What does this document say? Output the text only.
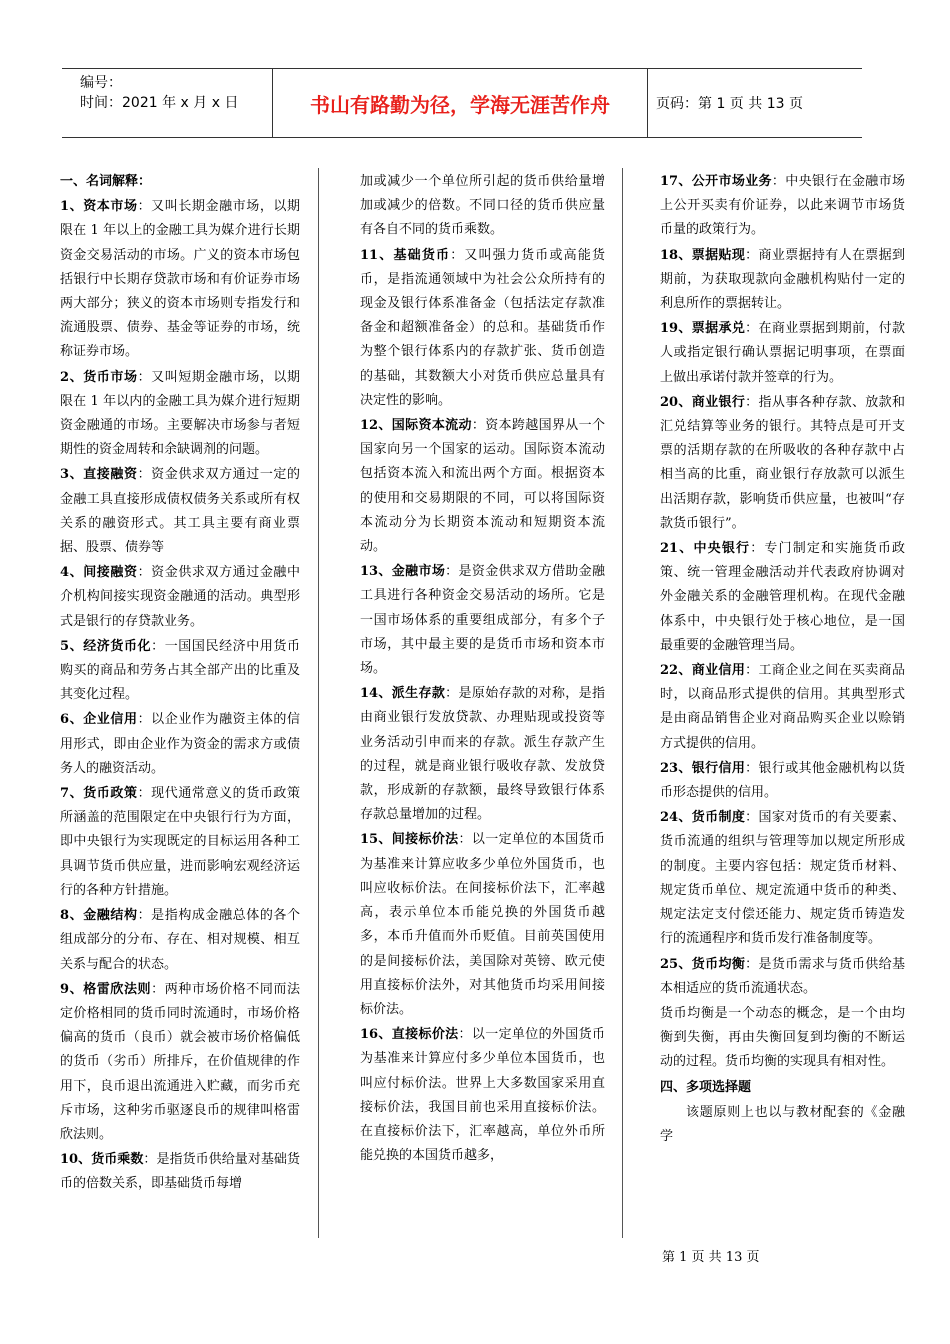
编号：
时间：2021 年 x 月 x 日	书山有路勤为径，学海无涯苦作舟	页码：第 1 页 共 13 页
一、名词解释：
1、资本市场：又叫长期金融市场，以期限在 1 年以上的金融工具为媒介进行长期资金交易活动的市场。广义的资本市场包括银行中长期存贷款市场和有价证券市场两大部分；狭义的资本市场则专指发行和流通股票、债券、基金等证券的市场，统称证券市场。
2、货币市场：又叫短期金融市场，以期限在 1 年以内的金融工具为媒介进行短期资金融通的市场。主要解决市场参与者短期性的资金周转和余缺调剂的问题。
3、直接融资：资金供求双方通过一定的金融工具直接形成债权债务关系或所有权关系的融资形式。其工具主要有商业票据、股票、债券等
4、间接融资：资金供求双方通过金融中介机构间接实现资金融通的活动。典型形式是银行的存贷款业务。
5、经济货币化：一国国民经济中用货币购买的商品和劳务占其全部产出的比重及其变化过程。
6、企业信用：以企业作为融资主体的信用形式，即由企业作为资金的需求方或债务人的融资活动。
7、货币政策：现代通常意义的货币政策所涵盖的范围限定在中央银行行为方面，即中央银行为实现既定的目标运用各种工具调节货币供应量，进而影响宏观经济运行的各种方针措施。
8、金融结构：是指构成金融总体的各个组成部分的分布、存在、相对规模、相互关系与配合的状态。
9、格雷欣法则：两种市场价格不同而法定价格相同的货币同时流通时，市场价格偏高的货币（良币）就会被市场价格偏低的货币（劣币）所排斥，在价值规律的作用下，良币退出流通进入贮藏，而劣币充斥市场，这种劣币驱逐良币的规律叫格雷欣法则。
10、货币乘数：是指货币供给量对基础货币的倍数关系，即基础货币每增
加或减少一个单位所引起的货币供给量增加或减少的倍数。不同口径的货币供应量有各自不同的货币乘数。
11、基础货币：又叫强力货币或高能货币，是指流通领域中为社会公众所持有的现金及银行体系准备金（包括法定存款准备金和超额准备金）的总和。基础货币作为整个银行体系内的存款扩张、货币创造的基础，其数额大小对货币供应总量具有决定性的影响。
12、国际资本流动：资本跨越国界从一个国家向另一个国家的运动。国际资本流动包括资本流入和流出两个方面。根据资本的使用和交易期限的不同，可以将国际资本流动分为长期资本流动和短期资本流动。
13、金融市场：是资金供求双方借助金融工具进行各种资金交易活动的场所。它是一国市场体系的重要组成部分，有多个子市场，其中最主要的是货币市场和资本市场。
14、派生存款：是原始存款的对称，是指由商业银行发放贷款、办理贴现或投资等业务活动引申而来的存款。派生存款产生的过程，就是商业银行吸收存款、发放贷款，形成新的存款额，最终导致银行体系存款总量增加的过程。
15、间接标价法：以一定单位的本国货币为基准来计算应收多少单位外国货币，也叫应收标价法。在间接标价法下，汇率越高，表示单位本币能兑换的外国货币越多，本币升值而外币贬值。目前英国使用的是间接标价法，美国除对英镑、欧元使用直接标价法外，对其他货币均采用间接标价法。
16、直接标价法：以一定单位的外国货币为基准来计算应付多少单位本国货币，也叫应付标价法。世界上大多数国家采用直接标价法，我国目前也采用直接标价法。在直接标价法下，汇率越高，单位外币所能兑换的本国货币越多，
17、公开市场业务：中央银行在金融市场上公开买卖有价证券，以此来调节市场货币量的政策行为。
18、票据贴现：商业票据持有人在票据到期前，为获取现款向金融机构贴付一定的利息所作的票据转让。
19、票据承兑：在商业票据到期前，付款人或指定银行确认票据记明事项，在票面上做出承诺付款并签章的行为。
20、商业银行：指从事各种存款、放款和汇兑结算等业务的银行。其特点是可开支票的活期存款的在所吸收的各种存款中占相当高的比重，商业银行存放款可以派生出活期存款，影响货币供应量，也被叫“存款货币银行”。
21、中央银行：专门制定和实施货币政策、统一管理金融活动并代表政府协调对外金融关系的金融管理机构。在现代金融体系中，中央银行处于核心地位，是一国最重要的金融管理当局。
22、商业信用：工商企业之间在买卖商品时，以商品形式提供的信用。其典型形式是由商品销售企业对商品购买企业以赊销方式提供的信用。
23、银行信用：银行或其他金融机构以货币形态提供的信用。
24、货币制度：国家对货币的有关要素、货币流通的组织与管理等加以规定所形成的制度。主要内容包括：规定货币材料、规定货币单位、规定流通中货币的种类、规定法定支付偿还能力、规定货币铸造发行的流通程序和货币发行准备制度等。
25、货币均衡：是货币需求与货币供给基本相适应的货币流通状态。
货币均衡是一个动态的概念，是一个由均衡到失衡，再由失衡回复到均衡的不断运动的过程。货币均衡的实现具有相对性。
四、多项选择题
该题原则上也以与教材配套的《金融学
第 1 页 共 13 页
